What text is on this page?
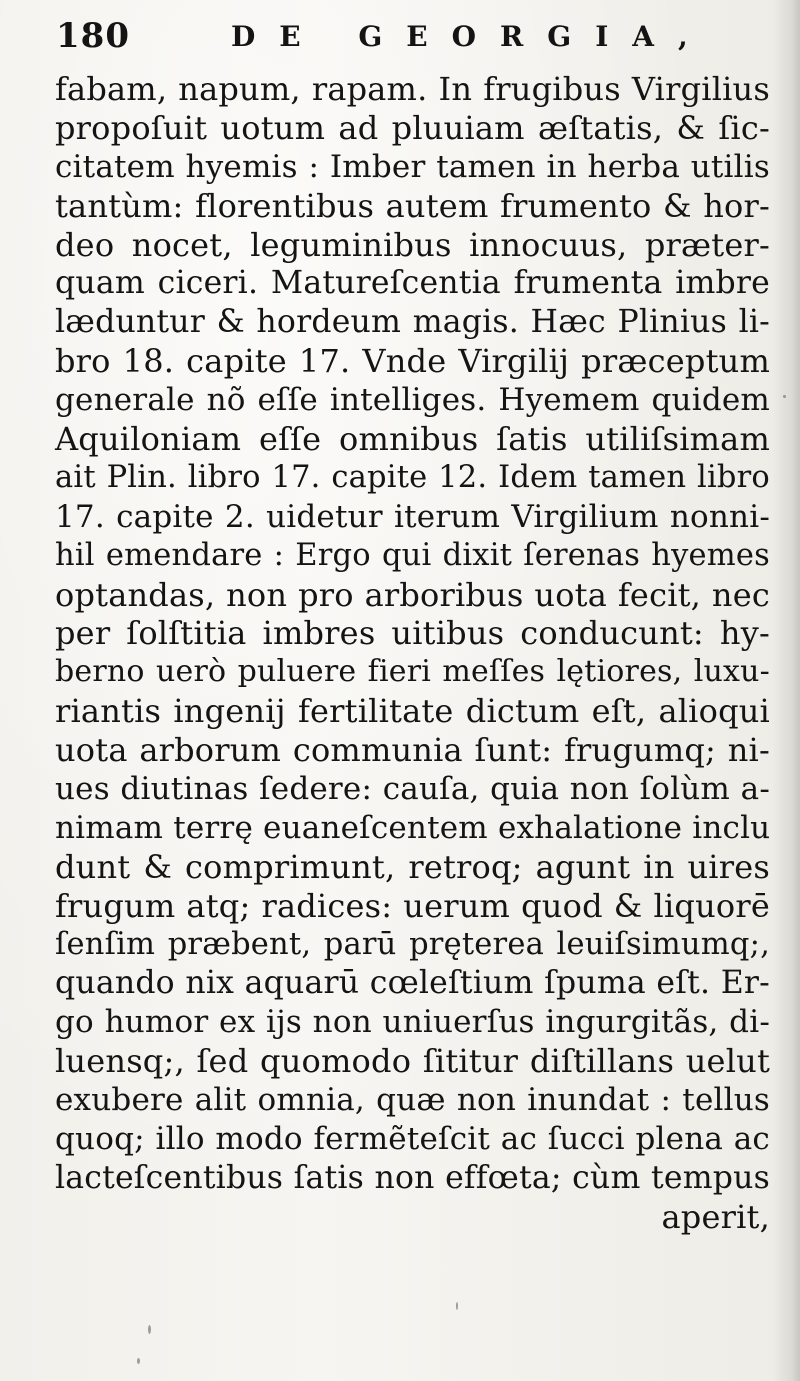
180	DE GEORGIA,
fabam, napum, rapam. In frugibus Virgilius
propoſuit uotum ad pluuiam æſtatis, & ſic-
citatem hyemis : Imber tamen in herba utilis
tantùm: florentibus autem frumento & hor-
deo nocet, leguminibus innocuus, præter-
quam ciceri. Matureſcentia frumenta imbre
læduntur & hordeum magis. Hæc Plinius li-
bro 18. capite 17. Vnde Virgilij præceptum
generale nõ eſſe intelliges. Hyemem quidem
Aquiloniam eſſe omnibus ſatis utiliſsimam
ait Plin. libro 17. capite 12. Idem tamen libro
17. capite 2. uidetur iterum Virgilium nonni-
hil emendare : Ergo qui dixit ſerenas hyemes
optandas, non pro arboribus uota fecit, nec
per ſolſtitia imbres uitibus conducunt: hy-
berno uerò puluere fieri meſſes lętiores, luxu-
riantis ingenij fertilitate dictum eſt, alioqui
uota arborum communia ſunt: frugumq; ni-
ues diutinas ſedere: cauſa, quia non ſolùm a-
nimam terrę euaneſcentem exhalatione inclu
dunt & comprimunt, retroq; agunt in uires
frugum atq; radices: uerum quod & liquorē
ſenſim præbent, parū pręterea leuiſsimumq;,
quando nix aquarū cœleſtium ſpuma eſt. Er-
go humor ex ijs non uniuerſus ingurgitãs, di-
luensq;, ſed quomodo ſititur diſtillans uelut
exubere alit omnia, quæ non inundat : tellus
quoq; illo modo fermẽteſcit ac ſucci plena ac
lacteſcentibus ſatis non effœta; cùm tempus
aperit,
